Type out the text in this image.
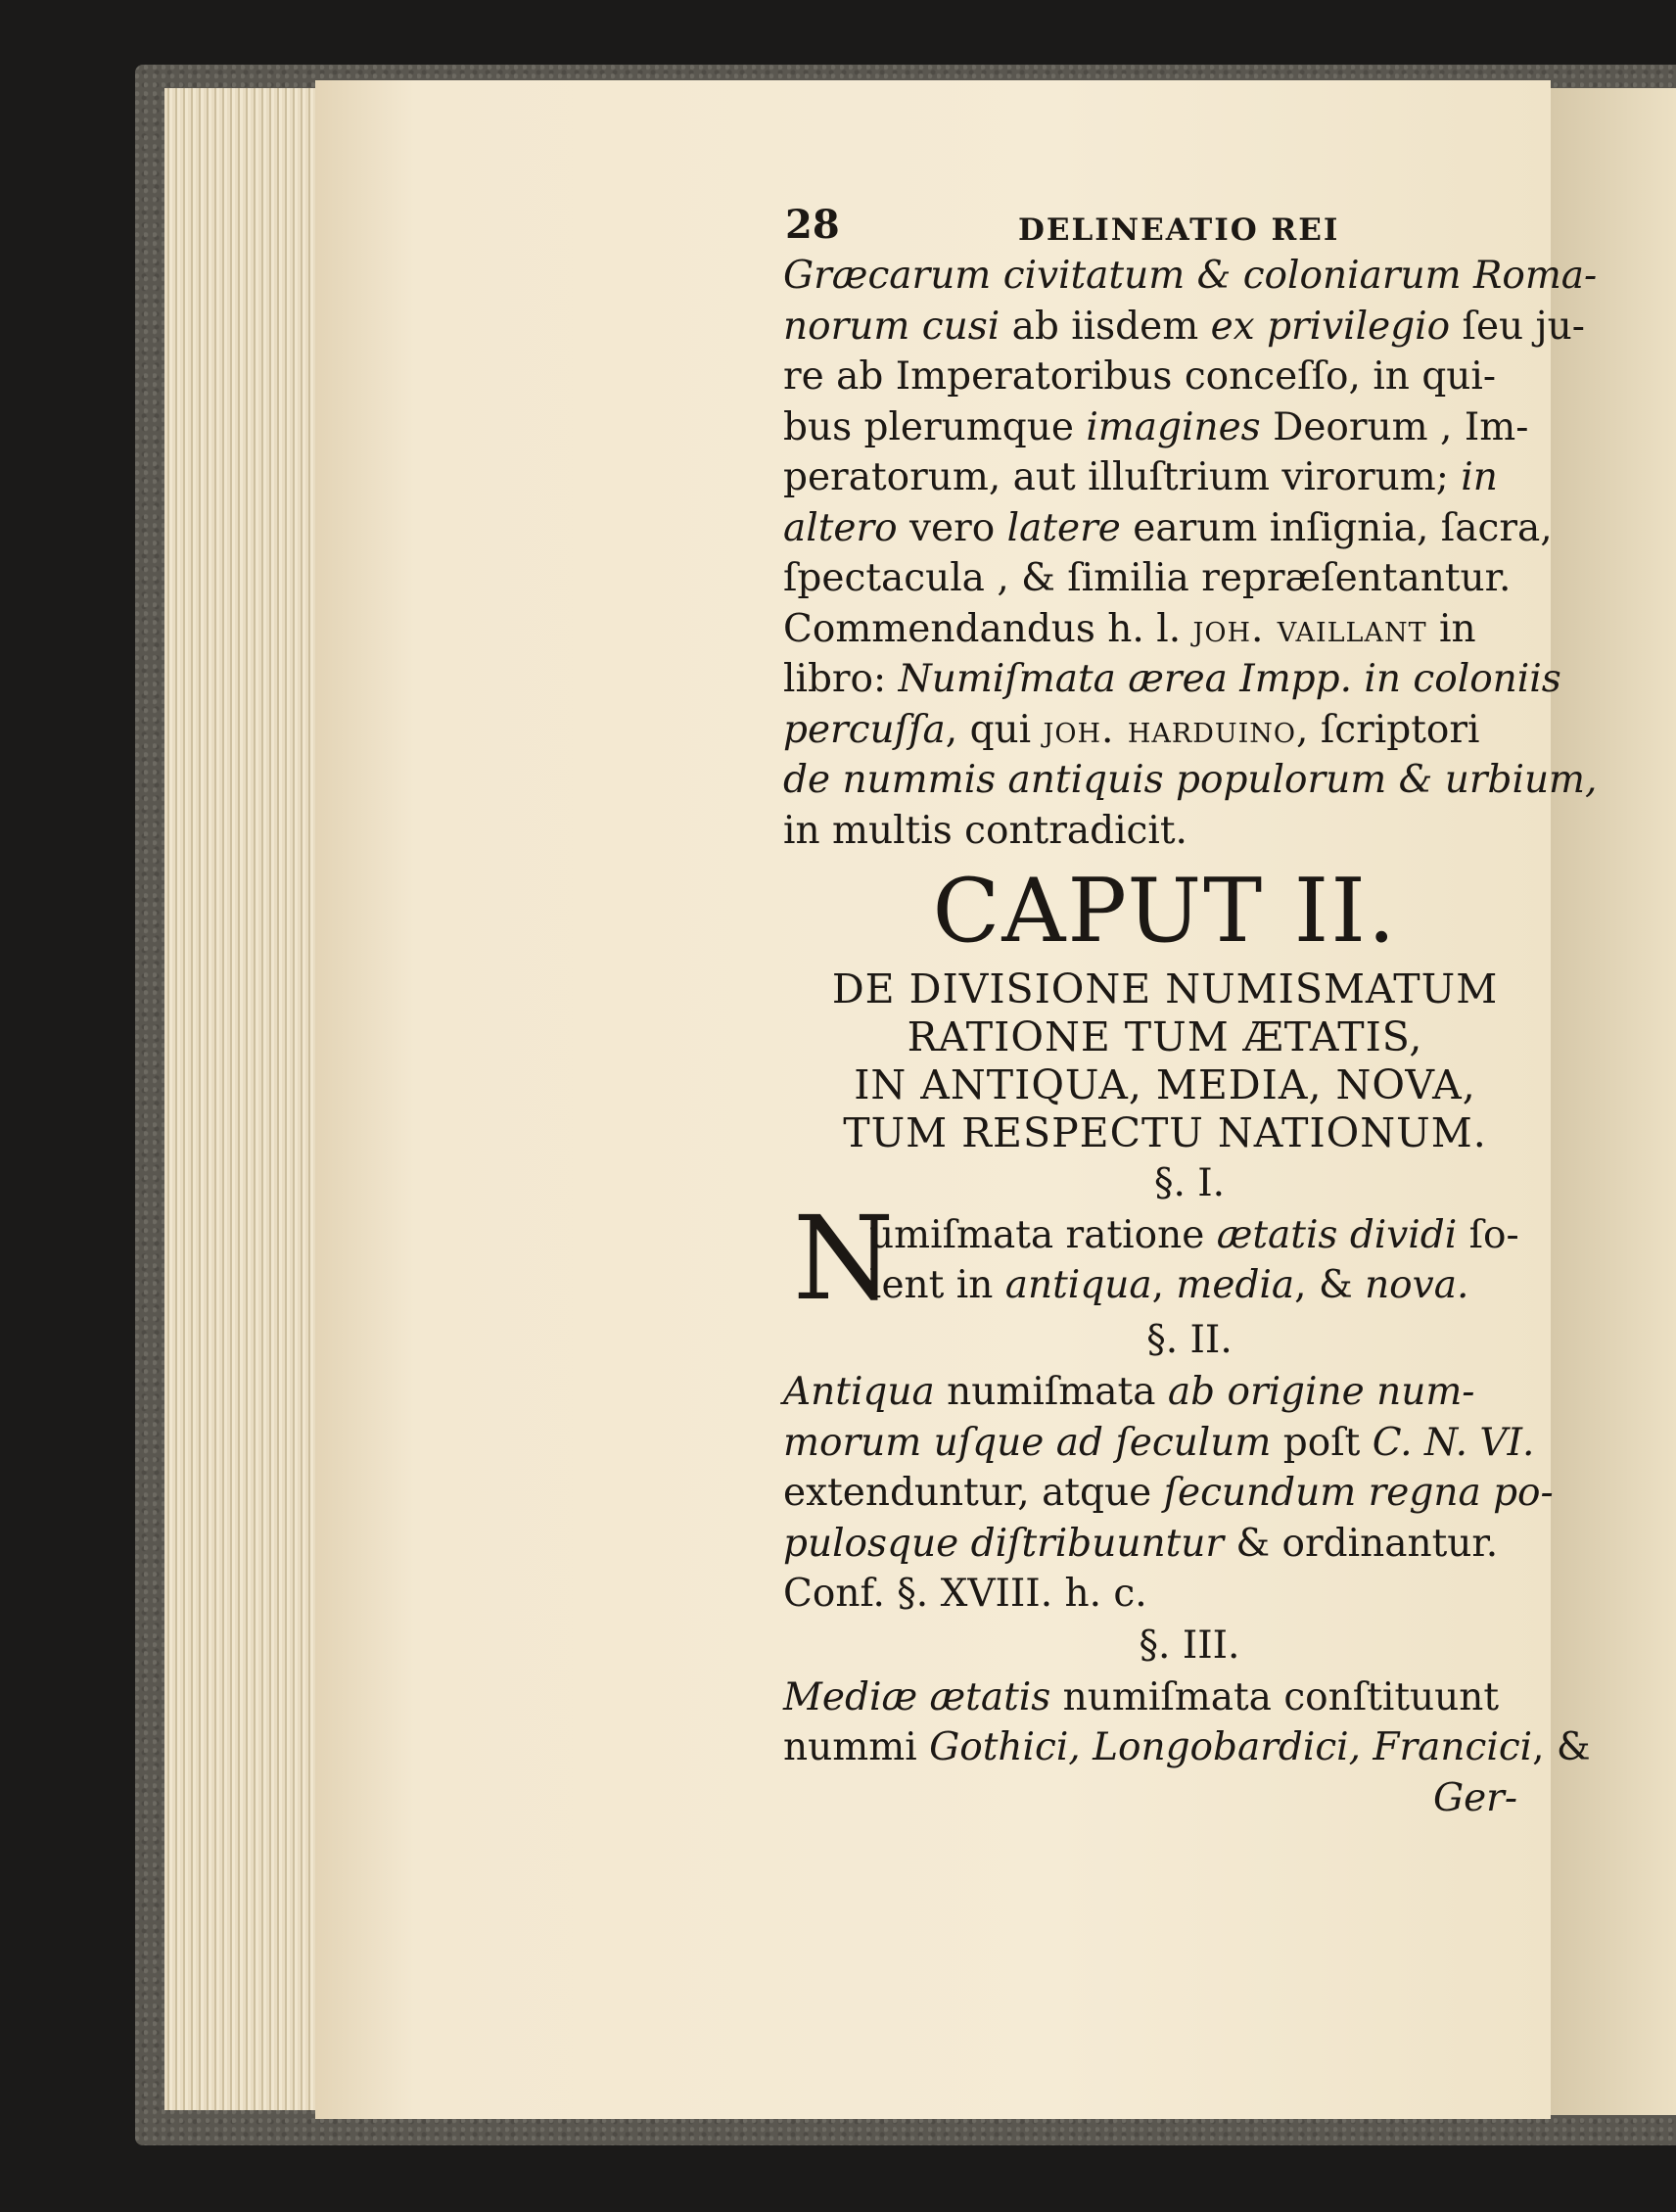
28	DELINEATIO REI
Græcarum civitatum & coloniarum Roma-
norum cusi ab iisdem ex privilegio ſeu ju-
re ab Imperatoribus conceſſo, in qui-
bus plerumque imagines Deorum , Im-
peratorum, aut illuſtrium virorum; in
altero vero latere earum inſignia, ſacra,
ſpectacula , & ſimilia repræſentantur.
Commendandus h. l. joh. vaillant in
libro: Numiſmata ærea Impp. in coloniis
percuſſa, qui joh. harduino, ſcriptori
de nummis antiquis populorum & urbium,
in multis contradicit.
CAPUT II.
DE DIVISIONE NUMISMATUM
RATIONE TUM ÆTATIS,
IN ANTIQUA, MEDIA, NOVA,
TUM RESPECTU NATIONUM.
§. I.
N
umiſmata ratione ætatis dividi ſo-
lent in antiqua, media, & nova.
§. II.
Antiqua numiſmata ab origine num-
morum uſque ad ſeculum poſt C. N. VI.
extenduntur, atque ſecundum regna po-
pulosque diſtribuuntur & ordinantur.
Conf. §. XVIII. h. c.
§. III.
Mediæ ætatis numiſmata conſtituunt
nummi Gothici, Longobardici, Francici, &
Ger-
